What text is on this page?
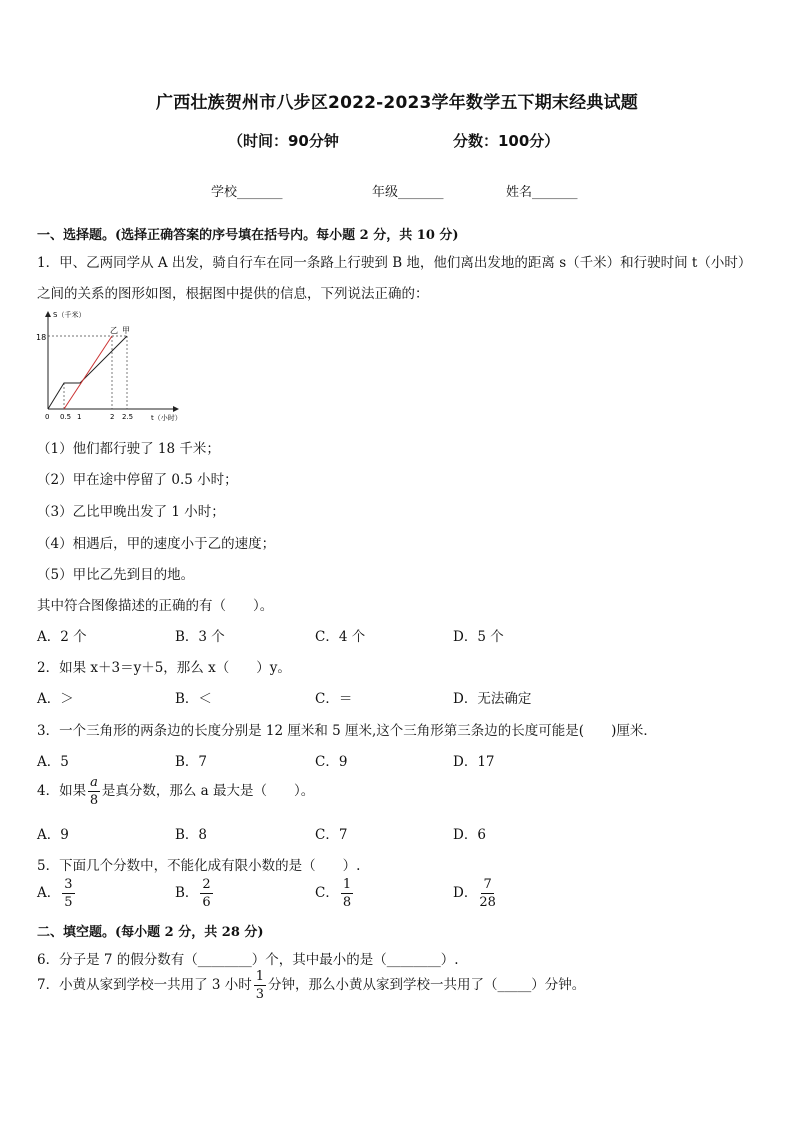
广西壮族贺州市八步区2022-2023学年数学五下期末经典试题
（时间：90分钟	分数：100分）
学校_______	年级_______	姓名_______
一、选择题。(选择正确答案的序号填在括号内。每小题 2 分，共 10 分)
1．甲、乙两同学从 A 出发，骑自行车在同一条路上行驶到 B 地，他们离出发地的距离 s（千米）和行驶时间 t（小时）
之间的关系的图形如图，根据图中提供的信息，下列说法正确的：
S（千米）
t（小时）
18
0 0.5 1	2 2.5
乙 甲
（1）他们都行驶了 18 千米；
（2）甲在途中停留了 0.5 小时；
（3）乙比甲晚出发了 1 小时；
（4）相遇后，甲的速度小于乙的速度；
（5）甲比乙先到目的地。
其中符合图像描述的正确的有（　　）。
A．2 个	B．3 个	C．4 个	D．5 个
2．如果 x＋3＝y＋5，那么 x（　　）y。
A．＞	B．＜	C．＝	D．无法确定
3．一个三角形的两条边的长度分别是 12 厘米和 5 厘米,这个三角形第三条边的长度可能是(　　)厘米．
A．5	B．7	C．9	D．17
4．如果 $\frac{a}{8}$ 是真分数，那么 a 最大是（　　）。
A．9	B．8	C．7	D．6
5．下面几个分数中，不能化成有限小数的是（　　）.
A． $\frac{3}{5}$	B． $\frac{2}{6}$	C． $\frac{1}{8}$	D． $\frac{7}{28}$
二、填空题。(每小题 2 分，共 28 分)
6．分子是 7 的假分数有（________）个，其中最小的是（________）.
7．小黄从家到学校一共用了 3 小时 $\frac{1}{3}$ 分钟，那么小黄从家到学校一共用了（_____）分钟。
